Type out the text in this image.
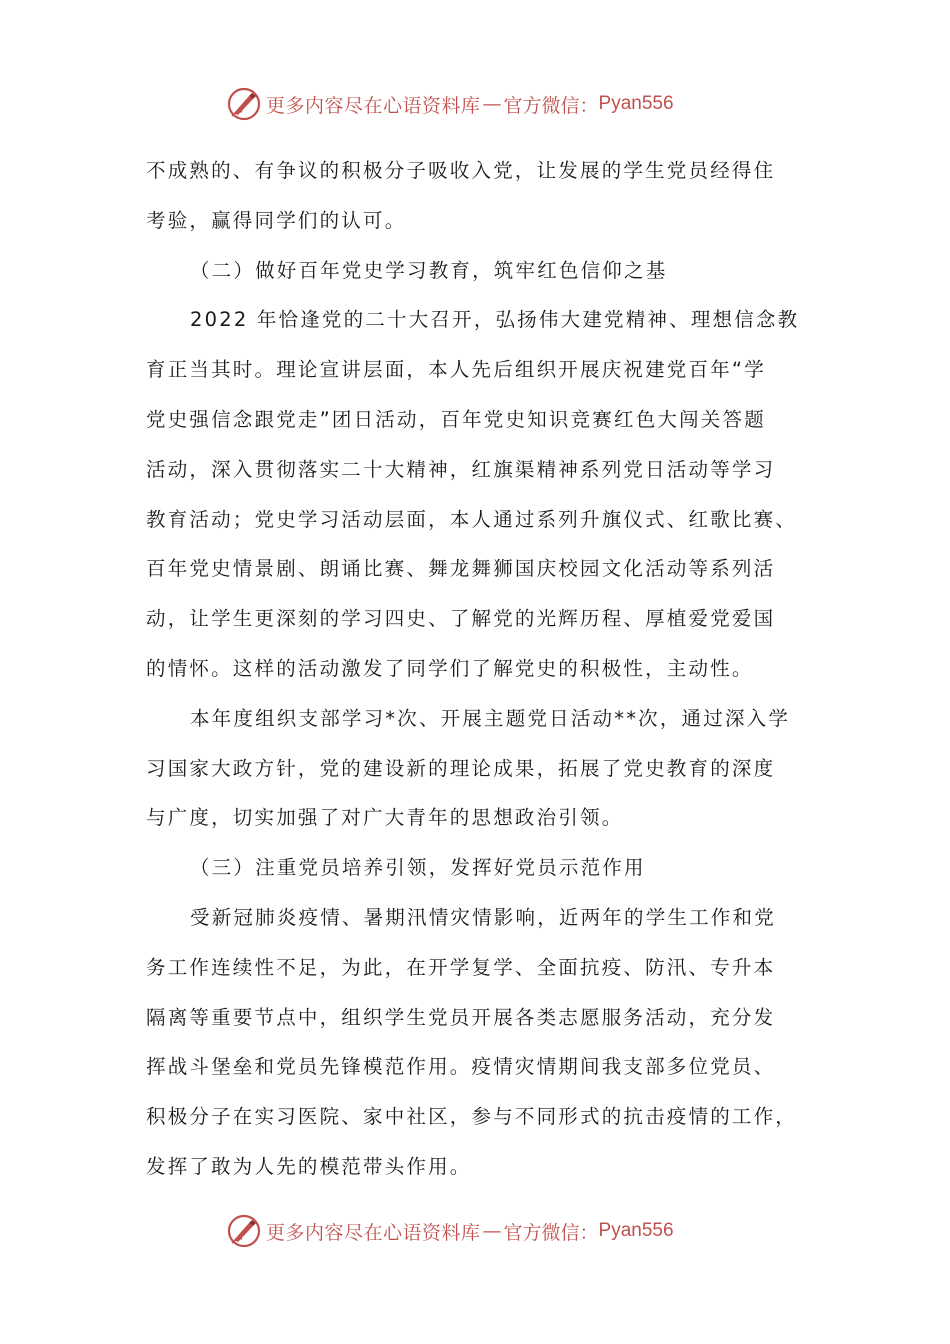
更多内容尽在心语资料库 — 官方微信： Pyan556
不成熟的、有争议的积极分子吸收入党，让发展的学生党员经得住
考验，赢得同学们的认可。
（二）做好百年党史学习教育，筑牢红色信仰之基
2022 年恰逢党的二十大召开，弘扬伟大建党精神、理想信念教
育正当其时。理论宣讲层面，本人先后组织开展庆祝建党百年“学
党史强信念跟党走”团日活动，百年党史知识竞赛红色大闯关答题
活动，深入贯彻落实二十大精神，红旗渠精神系列党日活动等学习
教育活动；党史学习活动层面，本人通过系列升旗仪式、红歌比赛、
百年党史情景剧、朗诵比赛、舞龙舞狮国庆校园文化活动等系列活
动，让学生更深刻的学习四史、了解党的光辉历程、厚植爱党爱国
的情怀。这样的活动激发了同学们了解党史的积极性，主动性。
本年度组织支部学习*次、开展主题党日活动**次，通过深入学
习国家大政方针，党的建设新的理论成果，拓展了党史教育的深度
与广度，切实加强了对广大青年的思想政治引领。
（三）注重党员培养引领，发挥好党员示范作用
受新冠肺炎疫情、暑期汛情灾情影响，近两年的学生工作和党
务工作连续性不足，为此，在开学复学、全面抗疫、防汛、专升本
隔离等重要节点中，组织学生党员开展各类志愿服务活动，充分发
挥战斗堡垒和党员先锋模范作用。疫情灾情期间我支部多位党员、
积极分子在实习医院、家中社区，参与不同形式的抗击疫情的工作，
发挥了敢为人先的模范带头作用。
更多内容尽在心语资料库 — 官方微信： Pyan556
